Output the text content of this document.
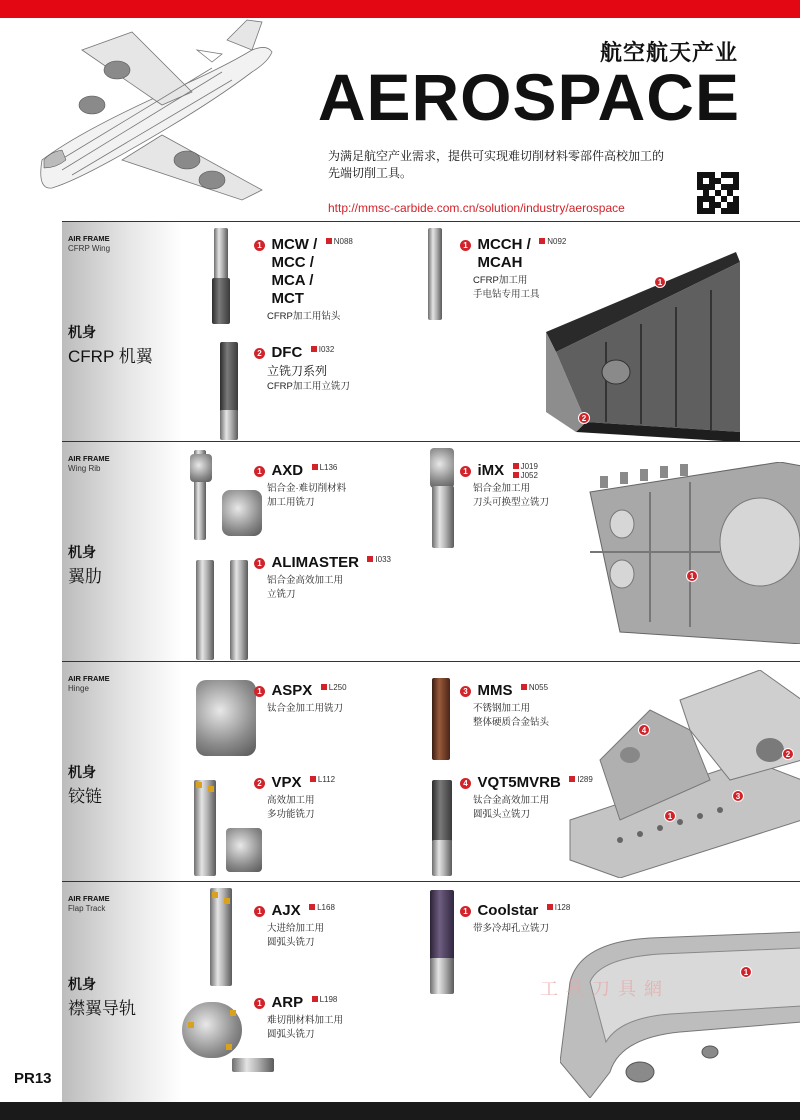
航空航天产业
AEROSPACE
为满足航空产业需求，提供可实现难切削材料零部件高校加工的
先端切削工具。
http://mmsc-carbide.com.cn/solution/industry/aerospace
AIR FRAME
CFRP Wing
机身
CFRP 机翼
1 MCW /
MCC /
MCA /
MCT N088
CFRP加工用钻头
1 MCCH /
MCAH N092
CFRP加工用
手电钻专用工具
2 DFC I032
立铣刀系列
CFRP加工用立铣刀
1
2
AIR FRAME
Wing Rib
机身
翼肋
1 AXD L136
铝合金·难切削材料
加工用铣刀
1 iMX	J019
J052
铝合金加工用
刀头可换型立铣刀
1 ALIMASTER I033
铝合金高效加工用
立铣刀
1
AIR FRAME
Hinge
机身
铰链
1 ASPX L250
钛合金加工用铣刀
3 MMS N055
不锈钢加工用
整体硬质合金钻头
2 VPX L112
高效加工用
多功能铣刀
4 VQT5MVRB I289
钛合金高效加工用
圆弧头立铣刀
4
2
3
1
AIR FRAME
Flap Track
机身
襟翼导轨
1 AJX L168
大进给加工用
圆弧头铣刀
1 Coolstar I128
带多冷却孔立铣刀
1 ARP L198
难切削材料加工用
圆弧头铣刀
1
工具刀具網
PR13
